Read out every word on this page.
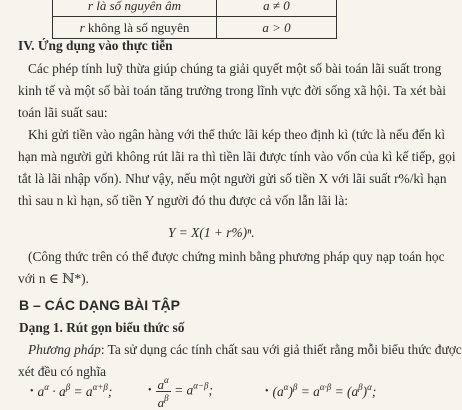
r là số nguyên âm	a ≠ 0
r không là số nguyên	a > 0
IV. Ứng dụng vào thực tiễn
Các phép tính luỹ thừa giúp chúng ta giải quyết một số bài toán lãi suất trong
kinh tế và một số bài toán tăng trưởng trong lĩnh vực đời sống xã hội. Ta xét bài
toán lãi suất sau:
Khi gửi tiền vào ngân hàng với thể thức lãi kép theo định kì (tức là nếu đến kì
hạn mà người gửi không rút lãi ra thì tiền lãi được tính vào vốn của kì kế tiếp, gọi
tắt là lãi nhập vốn). Như vậy, nếu một người gửi số tiền X với lãi suất r%/kì hạn
thì sau n kì hạn, số tiền Y người đó thu được cả vốn lẫn lãi là:
Y = X(1 + r%)ⁿ.
(Công thức trên có thể được chứng minh bằng phương pháp quy nạp toán học
với n ∈ ℕ*).
B – CÁC DẠNG BÀI TẬP
Dạng 1. Rút gọn biểu thức số
Phương pháp: Ta sử dụng các tính chất sau với giả thiết rằng mỗi biểu thức được
xét đều có nghĩa
• $a^\alpha \cdot a^\beta = a^{\alpha+\beta}$;	• $\frac{a^\alpha}{a^\beta} = a^{\alpha-\beta}$;	• $(a^\alpha)^\beta = a^{\alpha\cdot\beta} = (a^\beta)^\alpha$;
